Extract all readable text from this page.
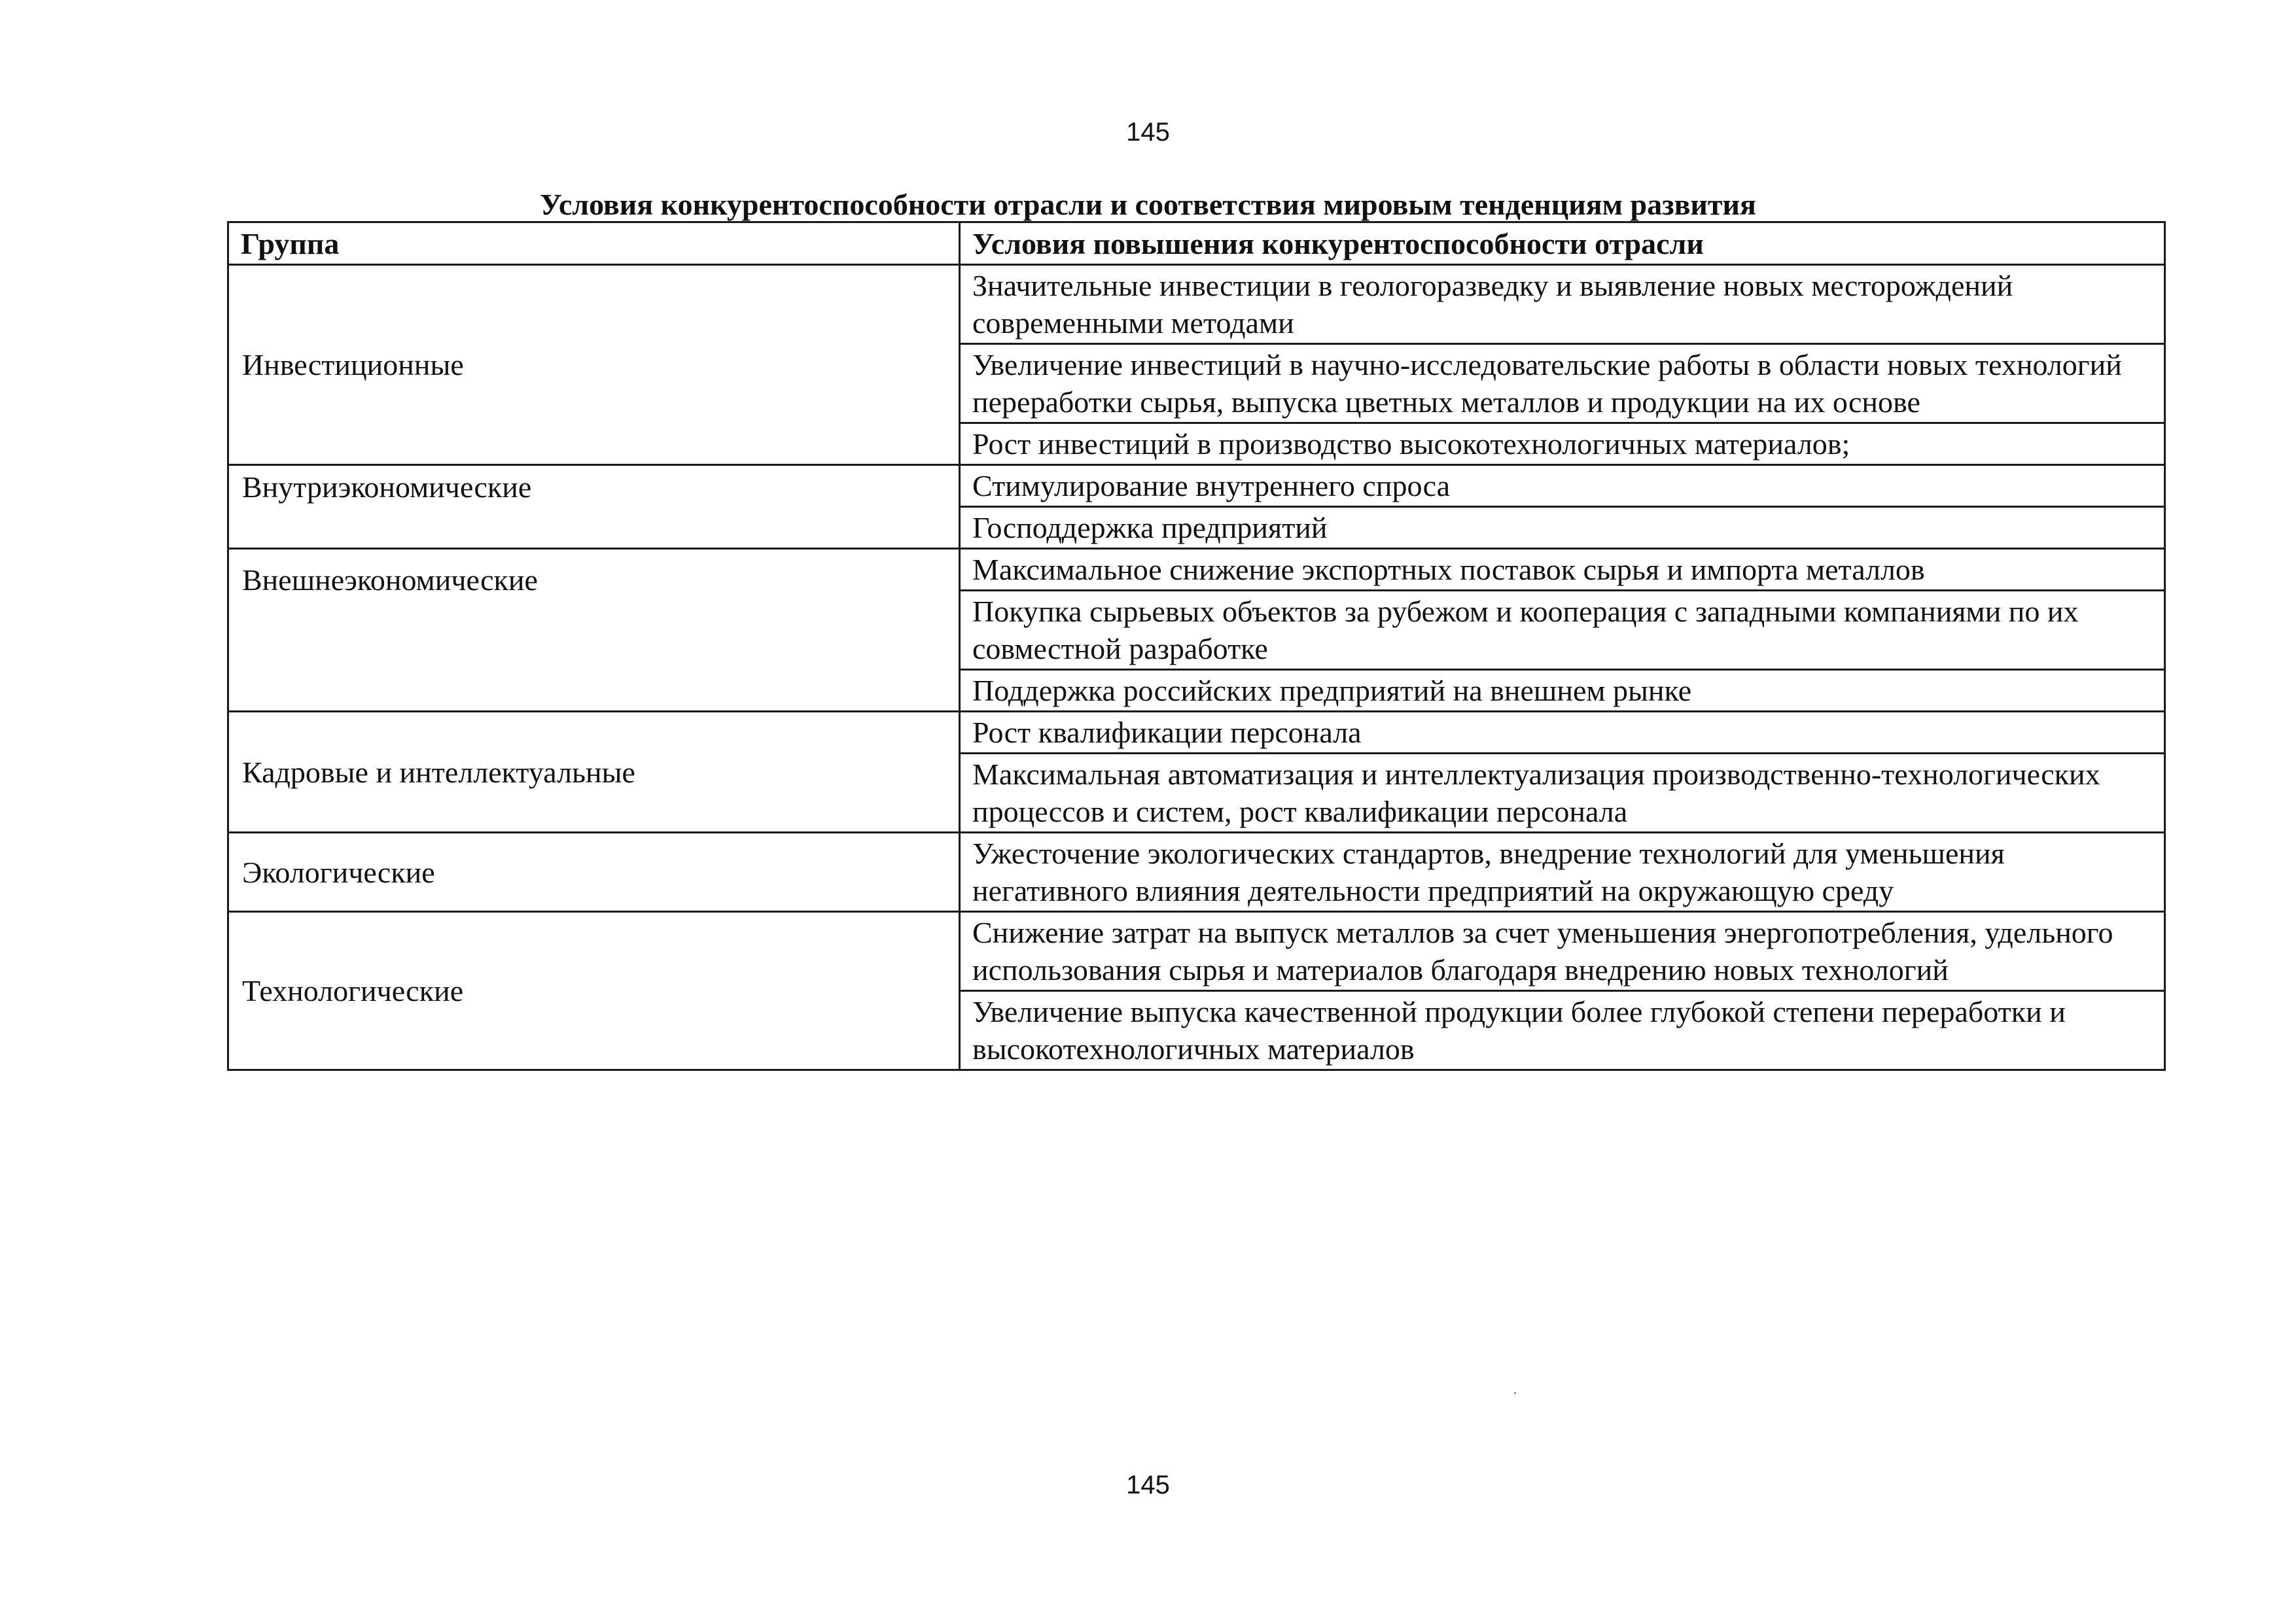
145
Условия конкурентоспособности отрасли и соответствия мировым тенденциям развития
Группа	Условия повышения конкурентоспособности отрасли
Инвестиционные	Значительные инвестиции в геологоразведку и выявление новых месторождений современными методами
	Увеличение инвестиций в научно-исследовательские работы в области новых технологий переработки сырья, выпуска цветных металлов и продукции на их основе
	Рост инвестиций в производство высокотехнологичных материалов;
Внутриэкономические	Стимулирование внутреннего спроса
	Господдержка предприятий
Внешнеэкономические	Максимальное снижение экспортных поставок сырья и импорта металлов
	Покупка сырьевых объектов за рубежом и кооперация с западными компаниями по их совместной разработке
	Поддержка российских предприятий на внешнем рынке
Кадровые и интеллектуальные	Рост квалификации персонала
	Максимальная автоматизация и интеллектуализация производственно-технологических процессов и систем, рост квалификации персонала
Экологические	Ужесточение экологических стандартов, внедрение технологий для уменьшения негативного влияния деятельности предприятий на окружающую среду
Технологические	Снижение затрат на выпуск металлов за счет уменьшения энергопотребления, удельного использования сырья и материалов благодаря внедрению новых технологий
	Увеличение выпуска качественной продукции более глубокой степени переработки и высокотехнологичных материалов
145
